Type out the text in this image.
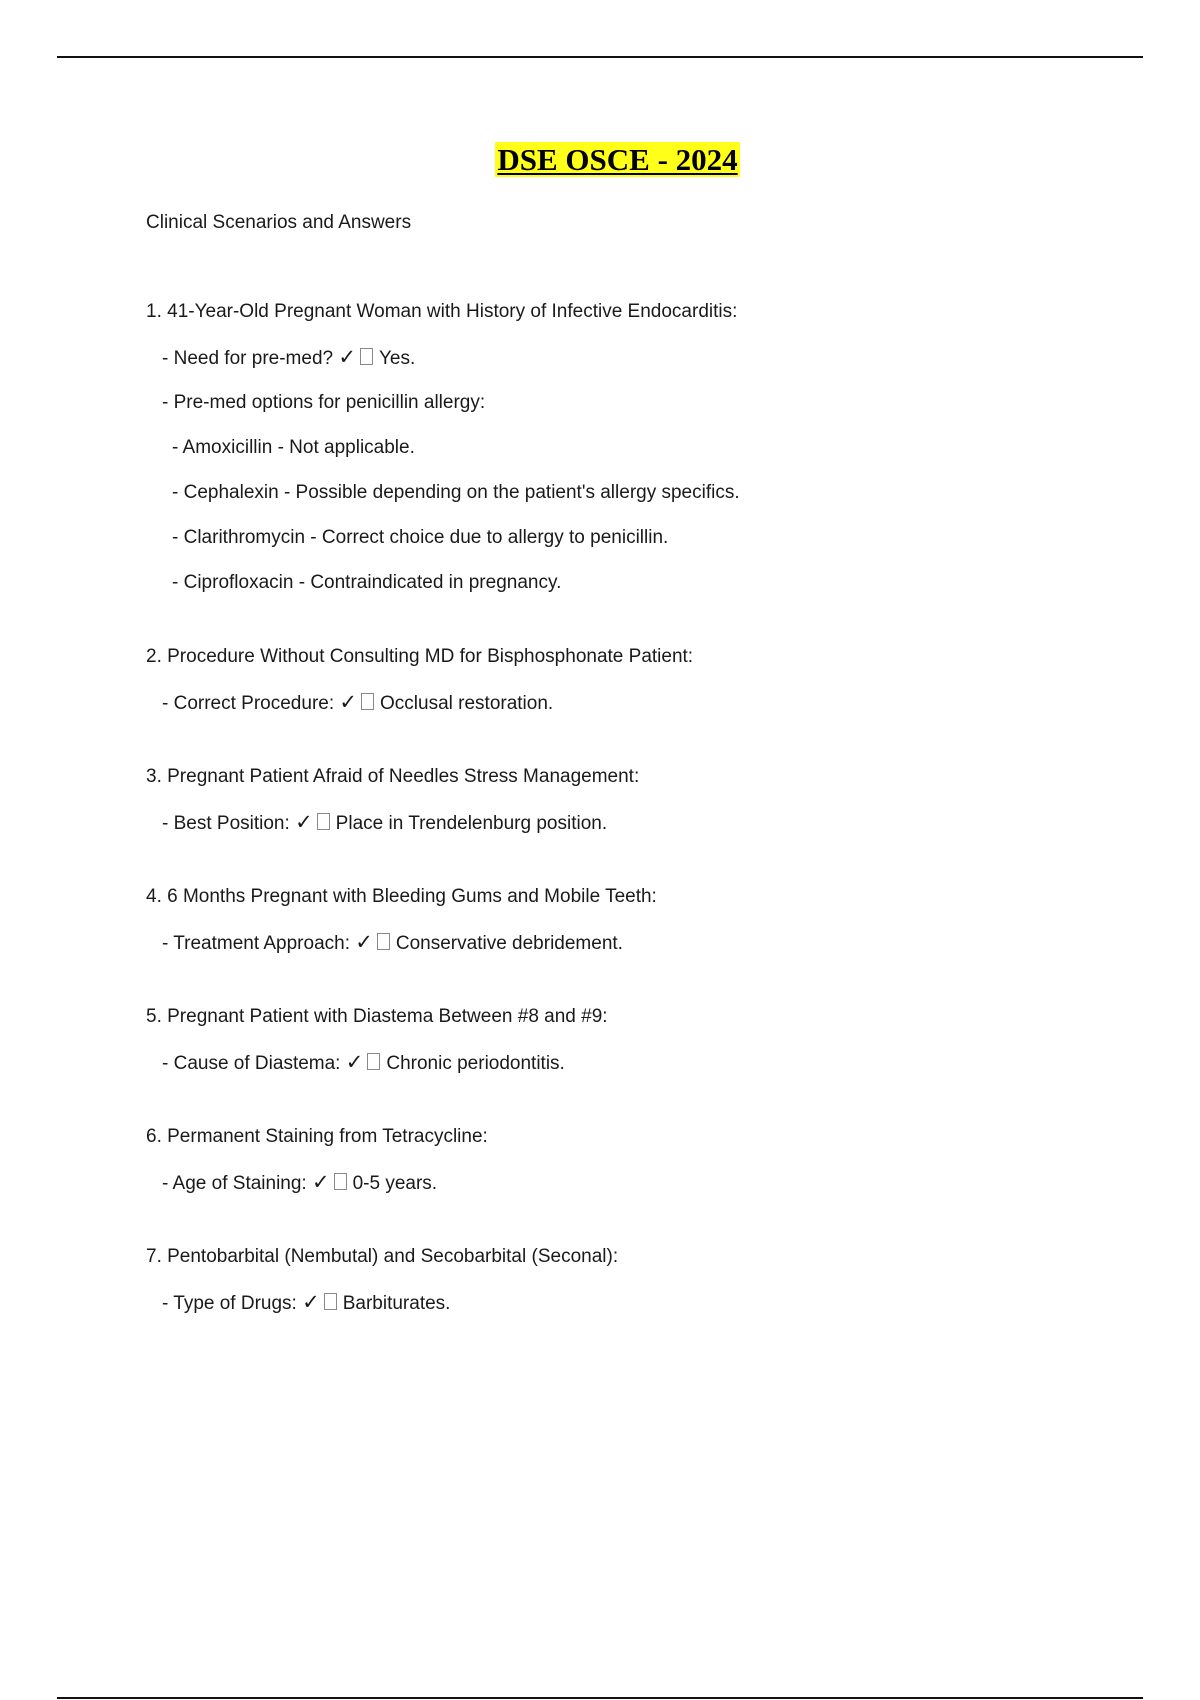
DSE OSCE - 2024
Clinical Scenarios and Answers
1. 41-Year-Old Pregnant Woman with History of Infective Endocarditis:
- Need for pre-med? ✓ Yes.
- Pre-med options for penicillin allergy:
- Amoxicillin - Not applicable.
- Cephalexin - Possible depending on the patient's allergy specifics.
- Clarithromycin - Correct choice due to allergy to penicillin.
- Ciprofloxacin - Contraindicated in pregnancy.
2. Procedure Without Consulting MD for Bisphosphonate Patient:
- Correct Procedure: ✓ Occlusal restoration.
3. Pregnant Patient Afraid of Needles Stress Management:
- Best Position: ✓ Place in Trendelenburg position.
4. 6 Months Pregnant with Bleeding Gums and Mobile Teeth:
- Treatment Approach: ✓ Conservative debridement.
5. Pregnant Patient with Diastema Between #8 and #9:
- Cause of Diastema: ✓ Chronic periodontitis.
6. Permanent Staining from Tetracycline:
- Age of Staining: ✓ 0-5 years.
7. Pentobarbital (Nembutal) and Secobarbital (Seconal):
- Type of Drugs: ✓ Barbiturates.
